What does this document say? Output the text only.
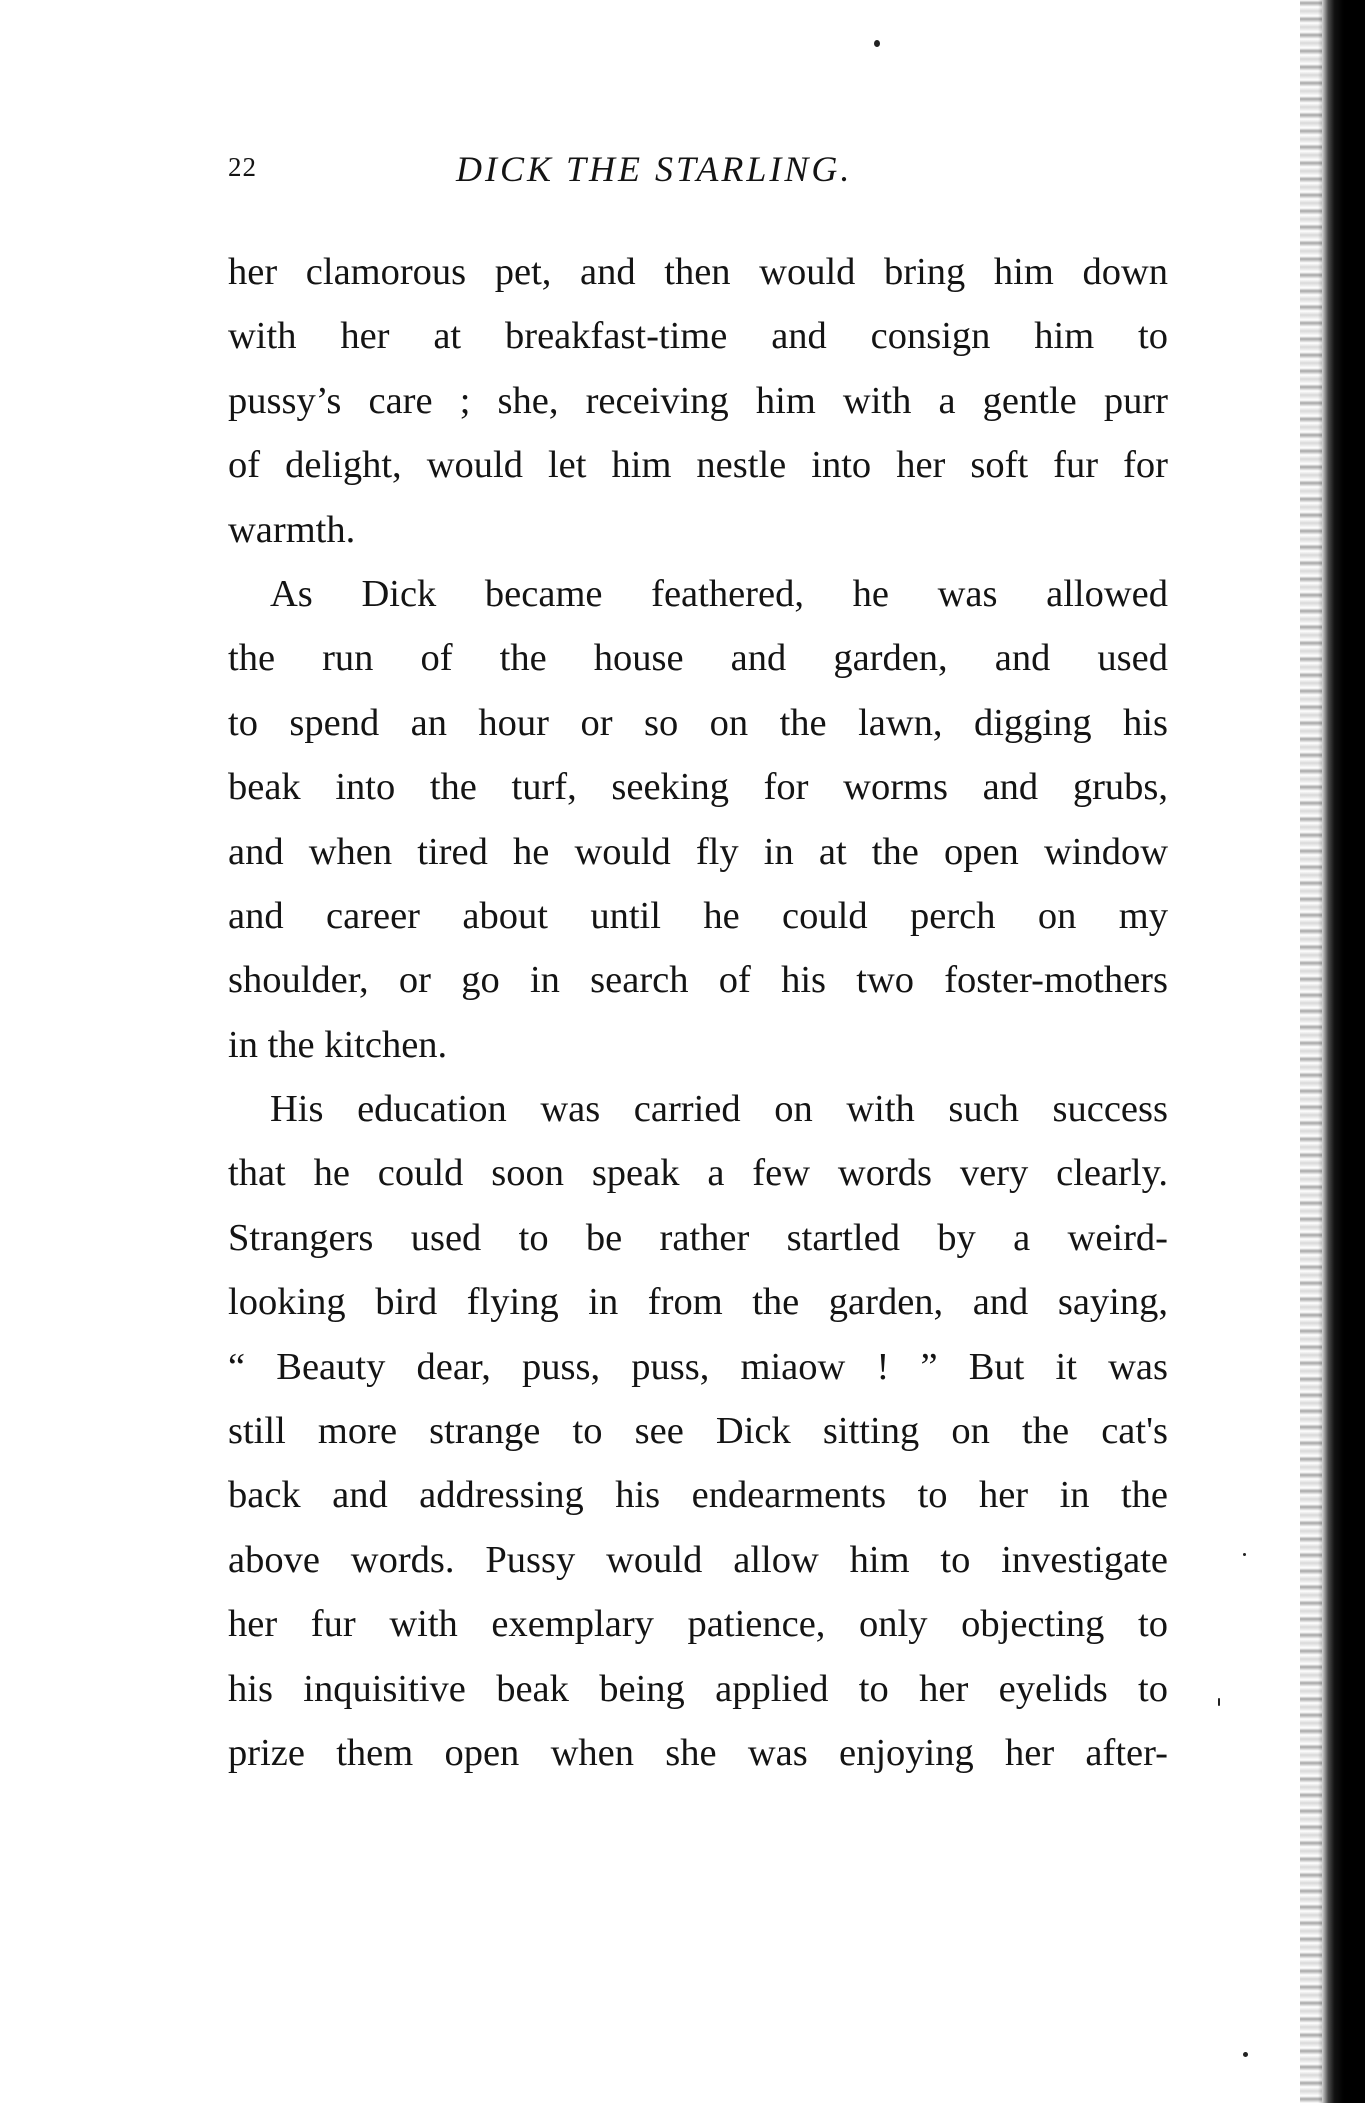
22	DICK THE STARLING.
her clamorous pet, and then would bring him down
with her at breakfast-time and consign him to
pussy’s care ; she, receiving him with a gentle purr
of delight, would let him nestle into her soft fur for
warmth.
As Dick became feathered, he was allowed
the run of the house and garden, and used
to spend an hour or so on the lawn, digging his
beak into the turf, seeking for worms and grubs,
and when tired he would fly in at the open window
and career about until he could perch on my
shoulder, or go in search of his two foster-mothers
in the kitchen.
His education was carried on with such success
that he could soon speak a few words very clearly.
Strangers used to be rather startled by a weird-
looking bird flying in from the garden, and saying,
“ Beauty dear, puss, puss, miaow ! ” But it was
still more strange to see Dick sitting on the cat's
back and addressing his endearments to her in the
above words. Pussy would allow him to investigate
her fur with exemplary patience, only objecting to
his inquisitive beak being applied to her eyelids to
prize them open when she was enjoying her after-
